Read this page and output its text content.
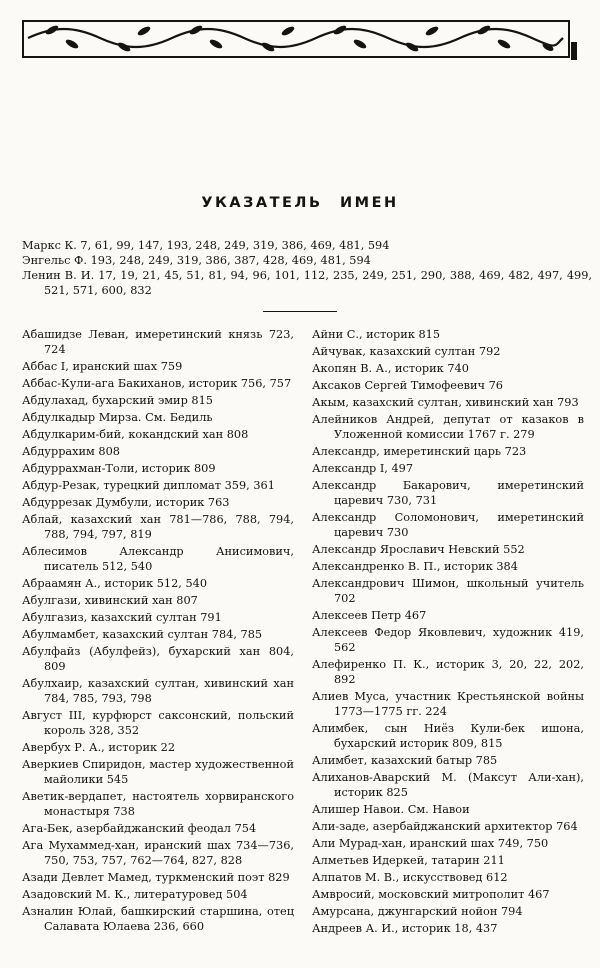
УКАЗАТЕЛЬ ИМЕН

Маркс К. 7, 61, 99, 147, 193, 248, 249, 319, 386, 469, 481, 594

Энгельс Ф. 193, 248, 249, 319, 386, 387, 428, 469, 481, 594

Ленин В. И. 17, 19, 21, 45, 51, 81, 94, 96, 101, 112, 235, 249, 251, 290, 388, 469, 482, 497, 499, 521, 571, 600, 832

Абашидзе Леван, имеретинский князь 723, 724

Аббас I, иранский шах 759

Аббас-Кули-ага Бакиханов, историк 756, 757

Абдулахад, бухарский эмир 815

Абдулкадыр Мирза. См. Бедиль

Абдулкарим-бий, кокандский хан 808

Абдуррахим 808

Абдуррахман-Толи, историк 809

Абдур-Резак, турецкий дипломат 359, 361

Абдуррезак Думбули, историк 763

Аблай, казахский хан 781—786, 788, 794, 788, 794, 797, 819

Аблесимов Александр Анисимович, писатель 512, 540

Абраамян А., историк 512, 540

Абулгази, хивинский хан 807

Абулгазиз, казахский султан 791

Абулмамбет, казахский султан 784, 785

Абулфайз (Абулфейз), бухарский хан 804, 809

Абулхаир, казахский султан, хивинский хан 784, 785, 793, 798

Август III, курфюрст саксонский, польский король 328, 352

Авербух Р. А., историк 22

Аверкиев Спиридон, мастер художественной майолики 545

Аветик-вердапет, настоятель хорвиранского монастыря 738

Ага-Бек, азербайджанский феодал 754

Ага Мухаммед-хан, иранский шах 734—736, 750, 753, 757, 762—764, 827, 828

Азади Девлет Мамед, туркменский поэт 829

Азадовский М. К., литературовед 504

Азналин Юлай, башкирский старшина, отец Салавата Юлаева 236, 660

Айни С., историк 815

Айчувак, казахский султан 792

Акопян В. А., историк 740

Аксаков Сергей Тимофеевич 76

Акым, казахский султан, хивинский хан 793

Алейников Андрей, депутат от казаков в Уложенной комиссии 1767 г. 279

Александр, имеретинский царь 723

Александр I, 497

Александр Бакарович, имеретинский царевич 730, 731

Александр Соломонович, имеретинский царевич 730

Александр Ярославич Невский 552

Александренко В. П., историк 384

Александрович Шимон, школьный учитель 702

Алексеев Петр 467

Алексеев Федор Яковлевич, художник 419, 562

Алефиренко П. К., историк 3, 20, 22, 202, 892

Алиев Муса, участник Крестьянской войны 1773—1775 гг. 224

Алимбек, сын Ниёз Кули-бек ишона, бухарский историк 809, 815

Алимбет, казахский батыр 785

Алиханов-Аварский М. (Максут Али-хан), историк 825

Алишер Навои. См. Навои

Али-заде, азербайджанский архитектор 764

Али Мурад-хан, иранский шах 749, 750

Алметьев Идеркей, татарин 211

Алпатов М. В., искусствовед 612

Амвросий, московский митрополит 467

Амурсана, джунгарский нойон 794

Андреев А. И., историк 18, 437
